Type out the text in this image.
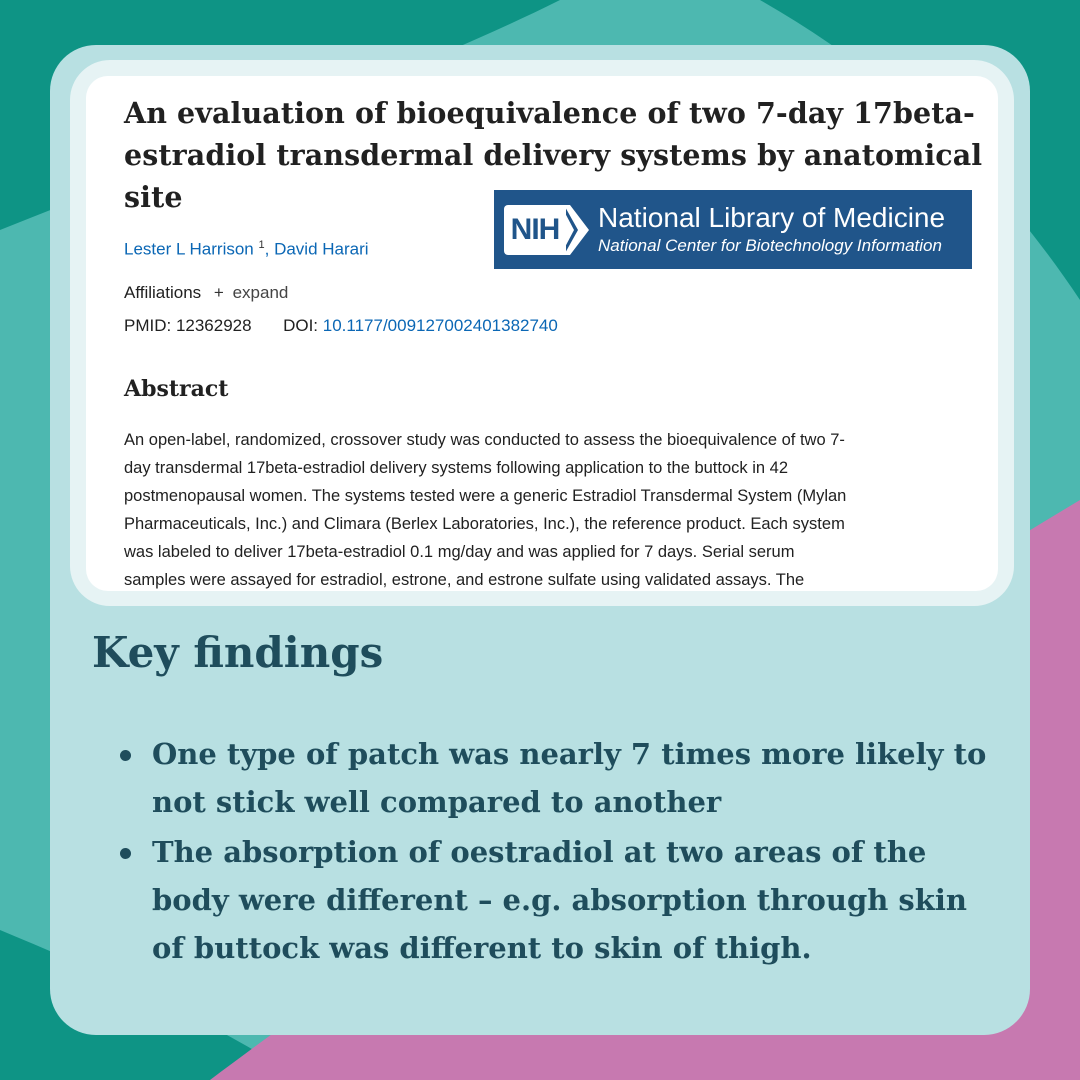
An evaluation of bioequivalence of two 7-day 17beta-
estradiol transdermal delivery systems by anatomical
site
NIH National Library of Medicine
National Center for Biotechnology Information
Lester L Harrison $^1$, David Harari
Affiliations + expand
PMID: 12362928 DOI: 10.1177/009127002401382740
Abstract
An open-label, randomized, crossover study was conducted to assess the bioequivalence of two 7-
day transdermal 17beta-estradiol delivery systems following application to the buttock in 42
postmenopausal women. The systems tested were a generic Estradiol Transdermal System (Mylan
Pharmaceuticals, Inc.) and Climara (Berlex Laboratories, Inc.), the reference product. Each system
was labeled to deliver 17beta-estradiol 0.1 mg/day and was applied for 7 days. Serial serum
samples were assayed for estradiol, estrone, and estrone sulfate using validated assays. The
Key findings
One type of patch was nearly 7 times more likely to not stick well compared to another
The absorption of oestradiol at two areas of the body were different – e.g. absorption through skin of buttock was different to skin of thigh.
